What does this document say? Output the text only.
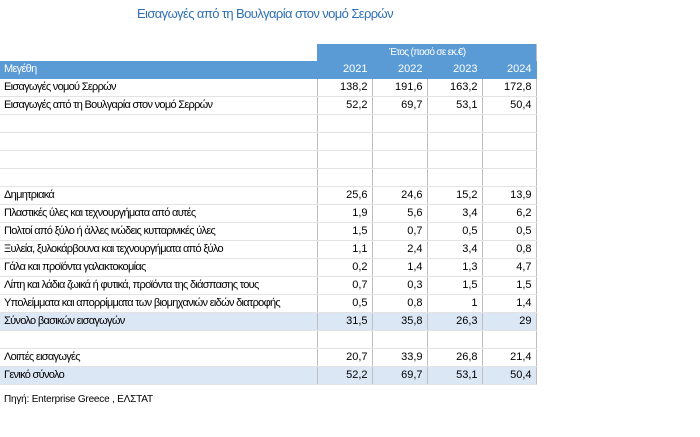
Εισαγωγές από τη Βουλγαρία στον νομό Σερρών
	Έτος (ποσό σε εκ.€)			
Μεγέθη	2021	2022	2023	2024
Εισαγωγές νομού Σερρών	138,2	191,6	163,2	172,8
Εισαγωγές από τη Βουλγαρία στον νομό Σερρών	52,2	69,7	53,1	50,4

Δημητριακά	25,6	24,6	15,2	13,9
Πλαστικές ύλες και τεχνουργήματα από αυτές	1,9	5,6	3,4	6,2
Πολτοί από ξύλο ή άλλες ινώδεις κυτταρινικές ύλες	1,5	0,7	0,5	0,5
Ξυλεία, ξυλοκάρβουνα και τεχνουργήματα από ξύλο	1,1	2,4	3,4	0,8
Γάλα και προϊόντα γαλακτοκομίας	0,2	1,4	1,3	4,7
Λίπη και λάδια ζωικά ή φυτικά, προϊόντα της διάσπασης τους	0,7	0,3	1,5	1,5
Υπολείμματα και απορρίμματα των βιομηχανιών ειδών διατροφής	0,5	0,8	1	1,4
Σύνολο βασικών εισαγωγών	31,5	35,8	26,3	29

Λοιπές εισαγωγές	20,7	33,9	26,8	21,4
Γενικό σύνολο	52,2	69,7	53,1	50,4
Πηγή: Enterprise Greece , ΕΛΣΤΑΤ
